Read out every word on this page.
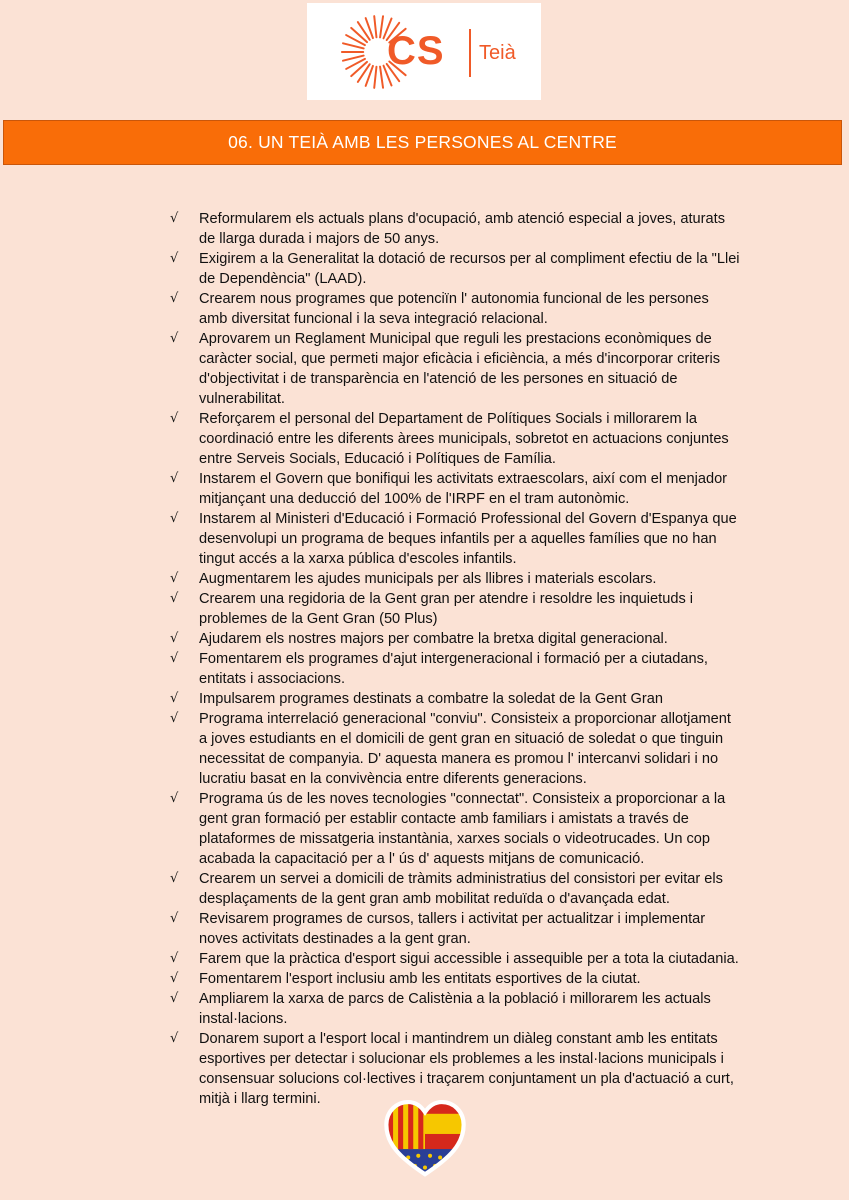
CS Teià
06. UN TEIÀ AMB LES PERSONES AL CENTRE
√	Reformularem els actuals plans d'ocupació, amb atenció especial a joves, aturats de llarga durada i majors de 50 anys.
√	Exigirem a la Generalitat la dotació de recursos per al compliment efectiu de la "Llei de Dependència" (LAAD).
√	Crearem nous programes que potenciïn l' autonomia funcional de les persones amb diversitat funcional i la seva integració relacional.
√	Aprovarem un Reglament Municipal que reguli les prestacions econòmiques de caràcter social, que permeti major eficàcia i eficiència, a més d'incorporar criteris d'objectivitat i de transparència en l'atenció de les persones en situació de vulnerabilitat.
√	Reforçarem el personal del Departament de Polítiques Socials i millorarem la coordinació entre les diferents àrees municipals, sobretot en actuacions conjuntes entre Serveis Socials, Educació i Polítiques de Família.
√	Instarem el Govern que bonifiqui les activitats extraescolars, així com el menjador mitjançant una deducció del 100% de l'IRPF en el tram autonòmic.
√	Instarem al Ministeri d'Educació i Formació Professional del Govern d'Espanya que desenvolupi un programa de beques infantils per a aquelles famílies que no han tingut accés a la xarxa pública d'escoles infantils.
√	Augmentarem les ajudes municipals per als llibres i materials escolars.
√	Crearem una regidoria de la Gent gran per atendre i resoldre les inquietuds i problemes de la Gent Gran (50 Plus)
√	Ajudarem els nostres majors per combatre la bretxa digital generacional.
√	Fomentarem els programes d'ajut intergeneracional i formació per a ciutadans, entitats i associacions.
√	Impulsarem programes destinats a combatre la soledat de la Gent Gran
√	Programa interrelació generacional "conviu". Consisteix a proporcionar allotjament a joves estudiants en el domicili de gent gran en situació de soledat o que tinguin necessitat de companyia. D' aquesta manera es promou l' intercanvi solidari i no lucratiu basat en la convivència entre diferents generacions.
√	Programa ús de les noves tecnologies "connectat". Consisteix a proporcionar a la gent gran formació per establir contacte amb familiars i amistats a través de plataformes de missatgeria instantània, xarxes socials o videotrucades. Un cop acabada la capacitació per a l' ús d' aquests mitjans de comunicació.
√	Crearem un servei a domicili de tràmits administratius del consistori per evitar els desplaçaments de la gent gran amb mobilitat reduïda o d'avançada edat.
√	Revisarem programes de cursos, tallers i activitat per actualitzar i implementar noves activitats destinades a la gent gran.
√	Farem que la pràctica d'esport sigui accessible i assequible per a tota la ciutadania.
√	Fomentarem l'esport inclusiu amb les entitats esportives de la ciutat.
√	Ampliarem la xarxa de parcs de Calistènia a la població i millorarem les actuals instal·lacions.
√	Donarem suport a l'esport local i mantindrem un diàleg constant amb les entitats esportives per detectar i solucionar els problemes a les instal·lacions municipals i consensuar solucions col·lectives i traçarem conjuntament un pla d'actuació a curt, mitjà i llarg termini.
